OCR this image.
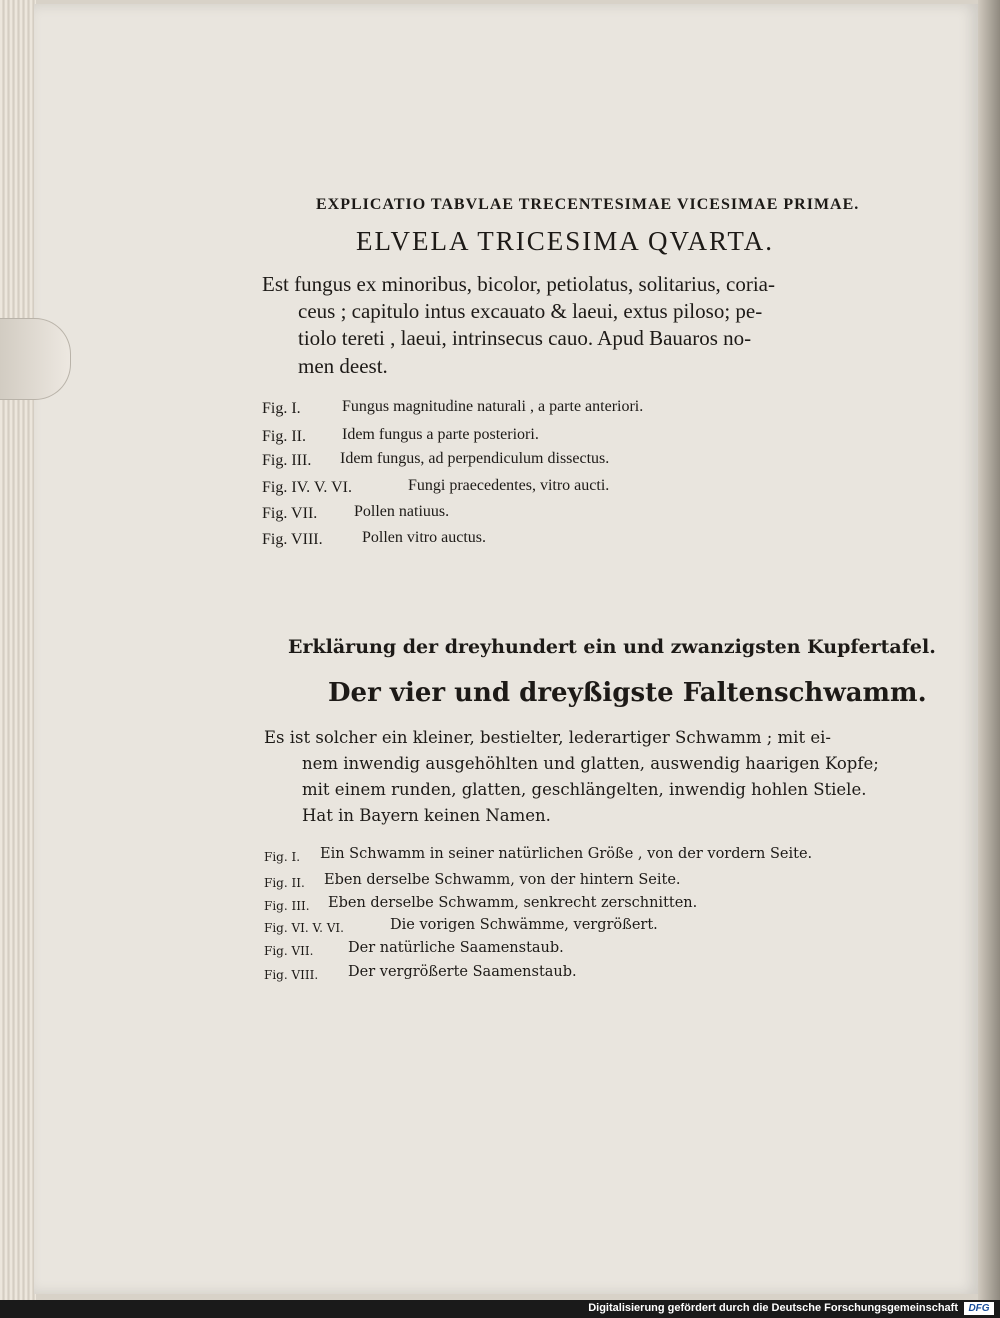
EXPLICATIO TABVLAE TRECENTESIMAE VICESIMAE PRIMAE.
ELVELA TRICESIMA QVARTA.
Est fungus ex minoribus, bicolor, petiolatus, solitarius, coria-
ceus ; capitulo intus excauato & laeui, extus piloso; pe-
tiolo tereti , laeui, intrinsecus cauo. Apud Bauaros no-
men deest.
Fig. I.	Fungus magnitudine naturali , a parte anteriori.
Fig. II. Idem fungus a parte posteriori.
Fig. III. Idem fungus, ad perpendiculum dissectus.
Fig. IV. V. VI.	Fungi praecedentes, vitro aucti.
Fig. VII. Pollen natiuus.
Fig. VIII. Pollen vitro auctus.
Erklärung der dreyhundert ein und zwanzigsten Kupfertafel.
Der vier und dreyßigste Faltenschwamm.
Es ist solcher ein kleiner, bestielter, lederartiger Schwamm ; mit ei-
nem inwendig ausgehöhlten und glatten, auswendig haarigen Kopfe;
mit einem runden, glatten, geschlängelten, inwendig hohlen Stiele.
Hat in Bayern keinen Namen.
Fig. I. Ein Schwamm in seiner natürlichen Größe , von der vordern Seite.
Fig. II. Eben derselbe Schwamm, von der hintern Seite.
Fig. III. Eben derselbe Schwamm, senkrecht zerschnitten.
Fig. VI. V. VI.	Die vorigen Schwämme, vergrößert.
Fig. VII. Der natürliche Saamenstaub.
Fig. VIII. Der vergrößerte Saamenstaub.
Digitalisierung gefördert durch die Deutsche Forschungsgemeinschaft	DFG
